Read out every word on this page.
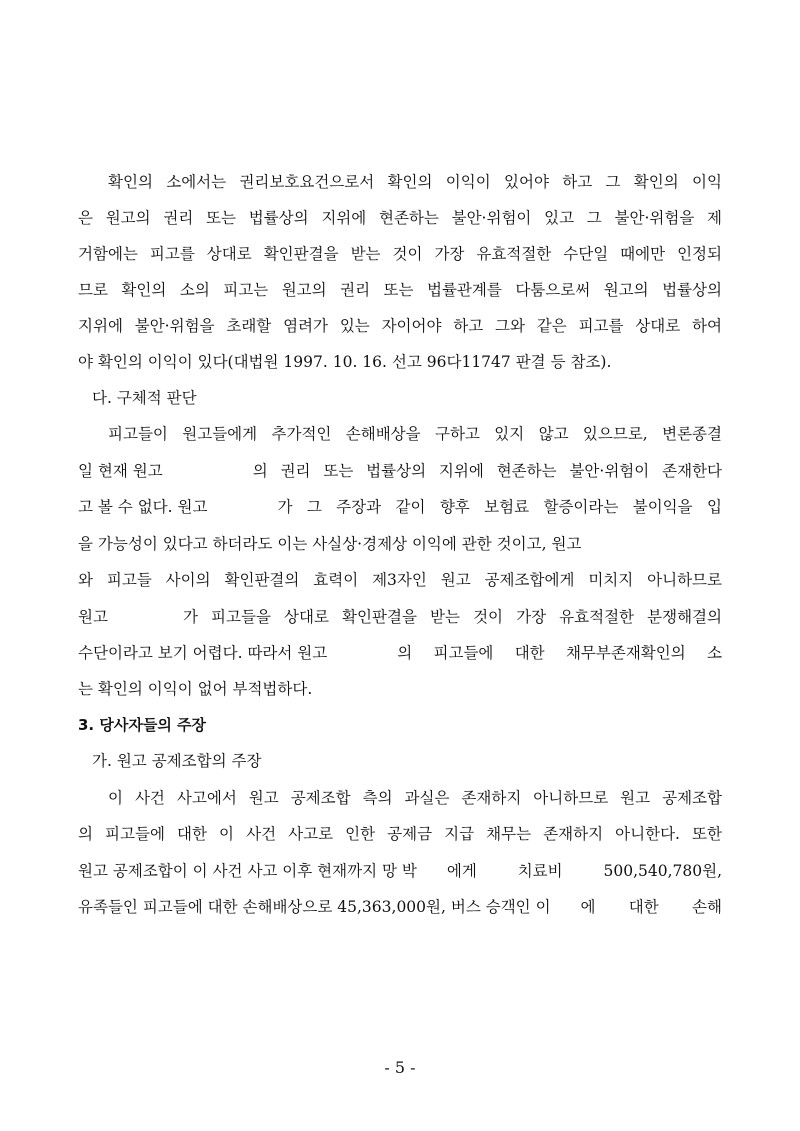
확인의 소에서는 권리보호요건으로서 확인의 이익이 있어야 하고 그 확인의 이익
은 원고의 권리 또는 법률상의 지위에 현존하는 불안·위험이 있고 그 불안·위험을 제
거함에는 피고를 상대로 확인판결을 받는 것이 가장 유효적절한 수단일 때에만 인정되
므로 확인의 소의 피고는 원고의 권리 또는 법률관계를 다툼으로써 원고의 법률상의
지위에 불안·위험을 초래할 염려가 있는 자이어야 하고 그와 같은 피고를 상대로 하여
야 확인의 이익이 있다(대법원 1997. 10. 16. 선고 96다11747 판결 등 참조).
다. 구체적 판단
피고들이 원고들에게 추가적인 손해배상을 구하고 있지 않고 있으므로, 변론종결
일 현재 원고	의 권리 또는 법률상의 지위에 현존하는 불안·위험이 존재한다
고 볼 수 없다. 원고	가 그 주장과 같이 향후 보험료 할증이라는 불이익을 입
을 가능성이 있다고 하더라도 이는 사실상·경제상 이익에 관한 것이고, 원고
와 피고들 사이의 확인판결의 효력이 제3자인 원고 공제조합에게 미치지 아니하므로
원고	가 피고들을 상대로 확인판결을 받는 것이 가장 유효적절한 분쟁해결의
수단이라고 보기 어렵다. 따라서 원고	의 피고들에 대한 채무부존재확인의 소
는 확인의 이익이 없어 부적법하다.
3. 당사자들의 주장
가. 원고 공제조합의 주장
이 사건 사고에서 원고 공제조합 측의 과실은 존재하지 아니하므로 원고 공제조합
의 피고들에 대한 이 사건 사고로 인한 공제금 지급 채무는 존재하지 아니한다. 또한
원고 공제조합이 이 사건 사고 이후 현재까지 망 박 에게 치료비 500,540,780원,
유족들인 피고들에 대한 손해배상으로 45,363,000원, 버스 승객인 이 에 대한 손해
- 5 -
